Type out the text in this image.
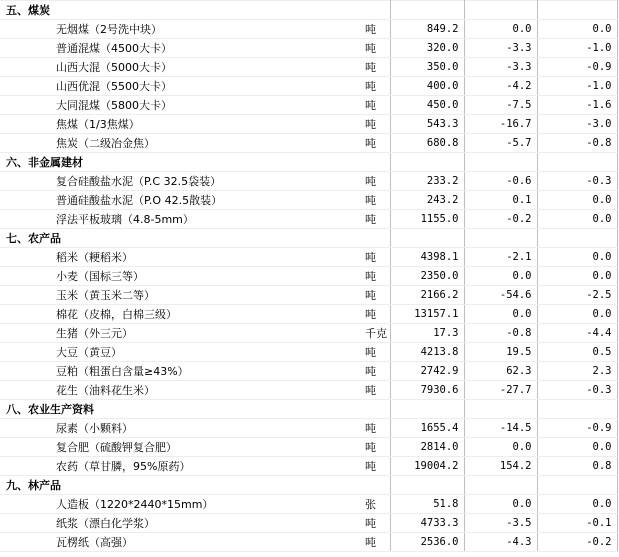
五、煤炭				
无烟煤（2号洗中块）	吨	849.2	0.0	0.0
普通混煤（4500大卡）	吨	320.0	-3.3	-1.0
山西大混（5000大卡）	吨	350.0	-3.3	-0.9
山西优混（5500大卡）	吨	400.0	-4.2	-1.0
大同混煤（5800大卡）	吨	450.0	-7.5	-1.6
焦煤（1/3焦煤）	吨	543.3	-16.7	-3.0
焦炭（二级冶金焦）	吨	680.8	-5.7	-0.8
六、非金属建材				
复合硅酸盐水泥（P.C 32.5袋装）	吨	233.2	-0.6	-0.3
普通硅酸盐水泥（P.O 42.5散装）	吨	243.2	0.1	0.0
浮法平板玻璃（4.8-5mm）	吨	1155.0	-0.2	0.0
七、农产品				
稻米（粳稻米）	吨	4398.1	-2.1	0.0
小麦（国标三等）	吨	2350.0	0.0	0.0
玉米（黄玉米二等）	吨	2166.2	-54.6	-2.5
棉花（皮棉，白棉三级）	吨	13157.1	0.0	0.0
生猪（外三元）	千克	17.3	-0.8	-4.4
大豆（黄豆）	吨	4213.8	19.5	0.5
豆粕（粗蛋白含量≥43%）	吨	2742.9	62.3	2.3
花生（油料花生米）	吨	7930.6	-27.7	-0.3
八、农业生产资料				
尿素（小颗料）	吨	1655.4	-14.5	-0.9
复合肥（硫酸钾复合肥）	吨	2814.0	0.0	0.0
农药（草甘膦，95%原药）	吨	19004.2	154.2	0.8
九、林产品				
人造板（1220*2440*15mm）	张	51.8	0.0	0.0
纸浆（漂白化学浆）	吨	4733.3	-3.5	-0.1
瓦楞纸（高强）	吨	2536.0	-4.3	-0.2
